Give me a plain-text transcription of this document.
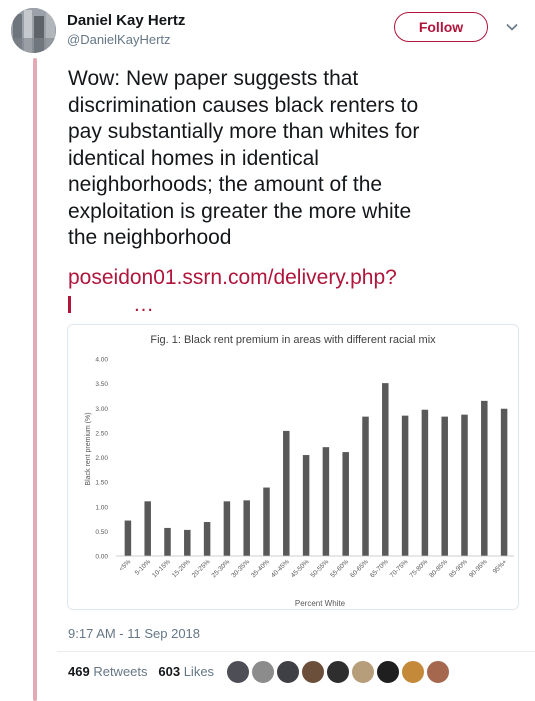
Daniel Kay Hertz
@DanielKayHertz
Follow
Wow: New paper suggests that
discrimination causes black renters to
pay substantially more than whites for
identical homes in identical
neighborhoods; the amount of the
exploitation is greater the more white
the neighborhood
poseidon01.ssrn.com/delivery.php?
…
Fig. 1: Black rent premium in areas with different racial mix
Black rent premium (%)
Percent White
0.00
0.50
1.00
1.50
2.00
2.50
3.00
3.50
4.00
<5% 5-10% 10-15% 15-20% 20-25% 25-30% 30-35% 35-40% 40-45% 45-50% 50-55% 55-60% 60-65% 65-70% 70-75% 75-80% 80-85% 85-90% 90-95% 95%+
9:17 AM - 11 Sep 2018
469 Retweets 603 Likes
